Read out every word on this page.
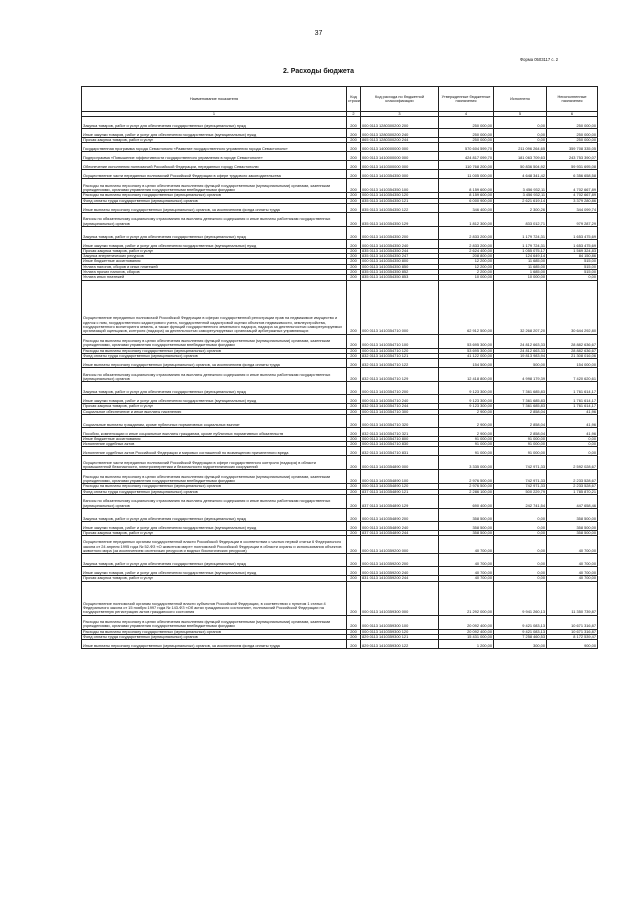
37
Форма 0503117 с. 2
2. Расходы бюджета
Наименование показателя	Код строки	Код расхода по бюджетной классификации	Утвержденные бюджетные назначения	Исполнено	Неисполненные назначения
1	2	3	4	5	6
Закупка товаров, работ и услуг для обеспечения государственных (муниципальных) нужд	200	000 0113 1280300200 200	250 000,00	0,00	250 000,00
Иные закупки товаров, работ и услуг для обеспечения государственных (муниципальных) нужд	200	000 0113 1280300200 240	250 000,00	0,00	250 000,00
Прочая закупка товаров, работ и услуг	200	865 0113 1280300200 244	250 000,00	0,00	250 000,00
Государственная программа города Севастополя «Развитие государственного управления города Севастополя»	200	000 0113 1400000000 000	570 604 599,70	211 096 264,65	359 708 335,05
Подпрограмма «Повышение эффективности государственного управления в городе Севастополе»	200	000 0113 1410000000 000	424 817 099,70	181 063 709,63	243 753 390,07
Обеспечение исполнения полномочий Российской Федерации, переданных городу Севастополю	200	000 0113 1410300000 000	110 768 200,00	50 836 504,92	59 931 695,08
Осуществление части переданных полномочий Российской Федерации в сфере трудового законодательства	200	000 0113 1410354350 000	11 005 000,00	4 648 341,42	6 356 658,58
Расходы на выплаты персоналу в целях обеспечения выполнения функций государственными (муниципальными) органами, казенными учреждениями, органами управления государственными внебюджетными фондами	200	000 0113 1410354350 100	8 159 600,00	3 456 932,11	4 702 667,89
Расходы на выплаты персоналу государственных (муниципальных) органов	200	000 0113 1410354350 120	8 159 600,00	3 456 932,11	4 702 667,89
Фонд оплаты труда государственных (муниципальных) органов	200	835 0113 1410354350 121	6 000 900,00	2 621 619,14	3 379 280,86
Иные выплаты персоналу государственных (муниципальных) органов, за исключением фонда оплаты труда	200	835 0113 1410354350 122	346 400,00	2 300,26	344 099,74
Взносы по обязательному социальному страхованию на выплаты денежного содержания и иные выплаты работникам государственных (муниципальных) органов	200	835 0113 1410354350 129	1 812 300,00	833 012,71	979 287,29
Закупка товаров, работ и услуг для обеспечения государственных (муниципальных) нужд	200	000 0113 1410354350 200	2 833 200,00	1 179 724,31	1 653 475,69
Иные закупки товаров, работ и услуг для обеспечения государственных (муниципальных) нужд	200	000 0113 1410354350 240	2 833 200,00	1 179 724,31	1 653 475,69
Прочая закупка товаров, работ и услуг	200	835 0113 1410354350 244	2 624 400,00	1 055 075,17	1 569 324,83
Закупка энергетических ресурсов	200	835 0113 1410354350 247	208 800,00	124 649,14	84 150,86
Иные бюджетные ассигнования	200	000 0113 1410354350 800	12 200,00	11 685,00	515,00
Уплата налогов, сборов и иных платежей	200	000 0113 1410354350 850	12 200,00	11 685,00	515,00
Уплата прочих налогов, сборов	200	835 0113 1410354350 852	2 200,00	1 685,00	515,00
Уплата иных платежей	200	835 0113 1410354350 853	10 000,00	10 000,00	0,00
Осуществление переданных полномочий Российской Федерации в сферах государственной регистрации прав на недвижимое имущество и сделок с ним, государственного кадастрового учета, государственной кадастровой оценки объектов недвижимости, землеустройства, государственного мониторинга земель, а также функций государственного земельного надзора, надзора за деятельностью саморегулируемых организаций оценщиков, контроля (надзора) за деятельностью саморегулируемых организаций арбитражных управляющих	200	000 0113 1410354710 000	62 912 500,00	32 268 207,20	30 644 292,80
Расходы на выплаты персоналу в целях обеспечения выполнения функций государственными (муниципальными) органами, казенными учреждениями, органами управления государственными внебюджетными фондами	200	000 0113 1410354710 100	53 695 300,00	24 812 663,33	28 882 636,67
Расходы на выплаты персоналу государственных (муниципальных) органов	200	000 0113 1410354710 120	53 695 300,00	24 812 663,33	28 882 636,67
Фонд оплаты труда государственных (муниципальных) органов	200	832 0113 1410354710 121	41 122 000,00	19 813 983,94	21 308 016,06
Иные выплаты персоналу государственных (муниципальных) органов, за исключением фонда оплаты труда	200	832 0113 1410354710 122	154 500,00	500,00	154 000,00
Взносы по обязательному социальному страхованию на выплаты денежного содержания и иные выплаты работникам государственных (муниципальных) органов	200	832 0113 1410354710 129	12 418 800,00	4 998 179,39	7 420 620,61
Закупка товаров, работ и услуг для обеспечения государственных (муниципальных) нужд	200	000 0113 1410354710 200	9 123 300,00	7 361 685,83	1 761 614,17
Иные закупки товаров, работ и услуг для обеспечения государственных (муниципальных) нужд	200	000 0113 1410354710 240	9 123 300,00	7 361 685,83	1 761 614,17
Прочая закупка товаров, работ и услуг	200	832 0113 1410354710 244	9 123 300,00	7 361 685,83	1 761 614,17
Социальное обеспечение и иные выплаты населению	200	000 0113 1410354710 300	2 900,00	2 858,04	41,96
Социальные выплаты гражданам, кроме публичных нормативных социальных выплат	200	000 0113 1410354710 320	2 900,00	2 858,04	41,96
Пособия, компенсации и иные социальные выплаты гражданам, кроме публичных нормативных обязательств	200	832 0113 1410354710 321	2 900,00	2 858,04	41,96
Иные бюджетные ассигнования	200	000 0113 1410354710 800	91 000,00	91 000,00	0,00
Исполнение судебных актов	200	000 0113 1410354710 830	91 000,00	91 000,00	0,00
Исполнение судебных актов Российской Федерации и мировых соглашений по возмещению причиненного вреда	200	832 0113 1410354710 831	91 000,00	91 000,00	0,00
Осуществление части переданных полномочий Российской Федерации в сфере государственного контроля (надзора) в области промышленной безопасности, электроэнергетики и безопасности гидротехнических сооружений	200	000 0113 1410354890 000	3 335 000,00	742 971,33	2 592 028,67
Расходы на выплаты персоналу в целях обеспечения выполнения функций государственными (муниципальными) органами, казенными учреждениями, органами управления государственными внебюджетными фондами	200	000 0113 1410354890 100	2 976 500,00	742 971,33	2 233 528,67
Расходы на выплаты персоналу государственных (муниципальных) органов	200	000 0113 1410354890 120	2 976 500,00	742 971,33	2 233 528,67
Фонд оплаты труда государственных (муниципальных) органов	200	837 0113 1410354890 121	2 286 100,00	500 229,79	1 785 870,21
Взносы по обязательному социальному страхованию на выплаты денежного содержания и иные выплаты работникам государственных (муниципальных) органов	200	837 0113 1410354890 129	690 400,00	242 741,54	447 658,46
Закупка товаров, работ и услуг для обеспечения государственных (муниципальных) нужд	200	000 0113 1410354890 200	358 500,00	0,00	358 500,00
Иные закупки товаров, работ и услуг для обеспечения государственных (муниципальных) нужд	200	000 0113 1410354890 240	358 500,00	0,00	358 500,00
Прочая закупка товаров, работ и услуг	200	837 0113 1410354890 244	358 500,00	0,00	358 500,00
Осуществление переданных органам государственной власти Российской Федерации в соответствии с частью первой статьи 6 Федерального закона от 24 апреля 1995 года № 52-ФЗ «О животном мире» полномочий Российской Федерации в области охраны и использования объектов животного мира (за исключением охотничьих ресурсов и водных биологических ресурсов)	200	000 0113 1410359200 000	40 700,00	0,00	40 700,00
Закупка товаров, работ и услуг для обеспечения государственных (муниципальных) нужд	200	000 0113 1410359200 200	40 700,00	0,00	40 700,00
Иные закупки товаров, работ и услуг для обеспечения государственных (муниципальных) нужд	200	000 0113 1410359200 240	40 700,00	0,00	40 700,00
Прочая закупка товаров, работ и услуг	200	831 0113 1410359200 244	40 700,00	0,00	40 700,00
Осуществление полномочий органам государственной власти субъектов Российской Федерации, в соответствии с пунктом 1 статьи 4 Федерального закона от 15 ноября 1997 года № 143-ФЗ «Об актах гражданского состояния», полномочий Российской Федерации на государственную регистрацию актов гражданского состояния	200	000 0113 1410359300 000	21 292 000,00	9 941 260,13	11 350 739,87
Расходы на выплаты персоналу в целях обеспечения выполнения функций государственными (муниципальными) органами, казенными учреждениями, органами управления государственными внебюджетными фондами	200	000 0113 1410359300 100	20 092 400,00	9 421 083,13	10 671 316,87
Расходы на выплаты персоналу государственных (муниципальных) органов	200	000 0113 1410359300 120	20 092 400,00	9 421 083,13	10 671 316,87
Фонд оплаты труда государственных (муниципальных) органов	200	829 0113 1410359300 121	15 431 000,00	7 258 460,53	8 172 539,47
Иные выплаты персоналу государственных (муниципальных) органов, за исключением фонда оплаты труда	200	829 0113 1410359300 122	1 200,00	300,00	900,00
